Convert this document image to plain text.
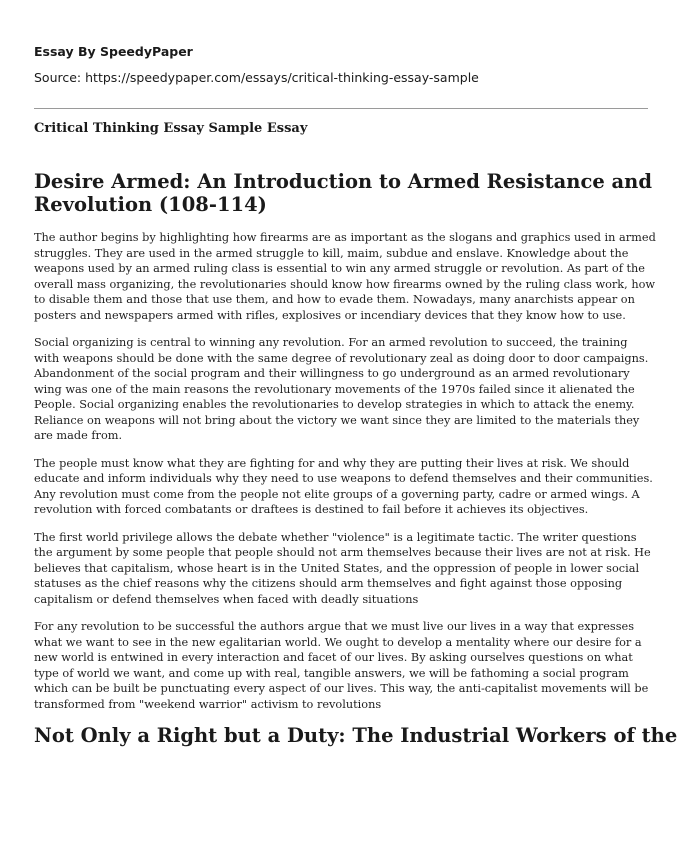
Essay By SpeedyPaper
Source: https://speedypaper.com/essays/critical-thinking-essay-sample
Critical Thinking Essay Sample Essay
Desire Armed: An Introduction to Armed Resistance and Revolution (108-114)

The author begins by highlighting how firearms are as important as the slogans and graphics used in armed struggles. They are used in the armed struggle to kill, maim, subdue and enslave. Knowledge about the weapons used by an armed ruling class is essential to win any armed struggle or revolution. As part of the overall mass organizing, the revolutionaries should know how firearms owned by the ruling class work, how to disable them and those that use them, and how to evade them. Nowadays, many anarchists appear on posters and newspapers armed with rifles, explosives or incendiary devices that they know how to use.

Social organizing is central to winning any revolution. For an armed revolution to succeed, the training with weapons should be done with the same degree of revolutionary zeal as doing door to door campaigns. Abandonment of the social program and their willingness to go underground as an armed revolutionary wing was one of the main reasons the revolutionary movements of the 1970s failed since it alienated the People. Social organizing enables the revolutionaries to develop strategies in which to attack the enemy. Reliance on weapons will not bring about the victory we want since they are limited to the materials they are made from.

The people must know what they are fighting for and why they are putting their lives at risk. We should educate and inform individuals why they need to use weapons to defend themselves and their communities. Any revolution must come from the people not elite groups of a governing party, cadre or armed wings. A revolution with forced combatants or draftees is destined to fail before it achieves its objectives.

The first world privilege allows the debate whether "violence" is a legitimate tactic. The writer questions the argument by some people that people should not arm themselves because their lives are not at risk. He believes that capitalism, whose heart is in the United States, and the oppression of people in lower social statuses as the chief reasons why the citizens should arm themselves and fight against those opposing capitalism or defend themselves when faced with deadly situations

For any revolution to be successful the authors argue that we must live our lives in a way that expresses what we want to see in the new egalitarian world. We ought to develop a mentality where our desire for a new world is entwined in every interaction and facet of our lives. By asking ourselves questions on what type of world we want, and come up with real, tangible answers, we will be fathoming a social program which can be built be punctuating every aspect of our lives. This way, the anti-capitalist movements will be transformed from "weekend warrior" activism to revolutions

Not Only a Right but a Duty: The Industrial Workers of the
